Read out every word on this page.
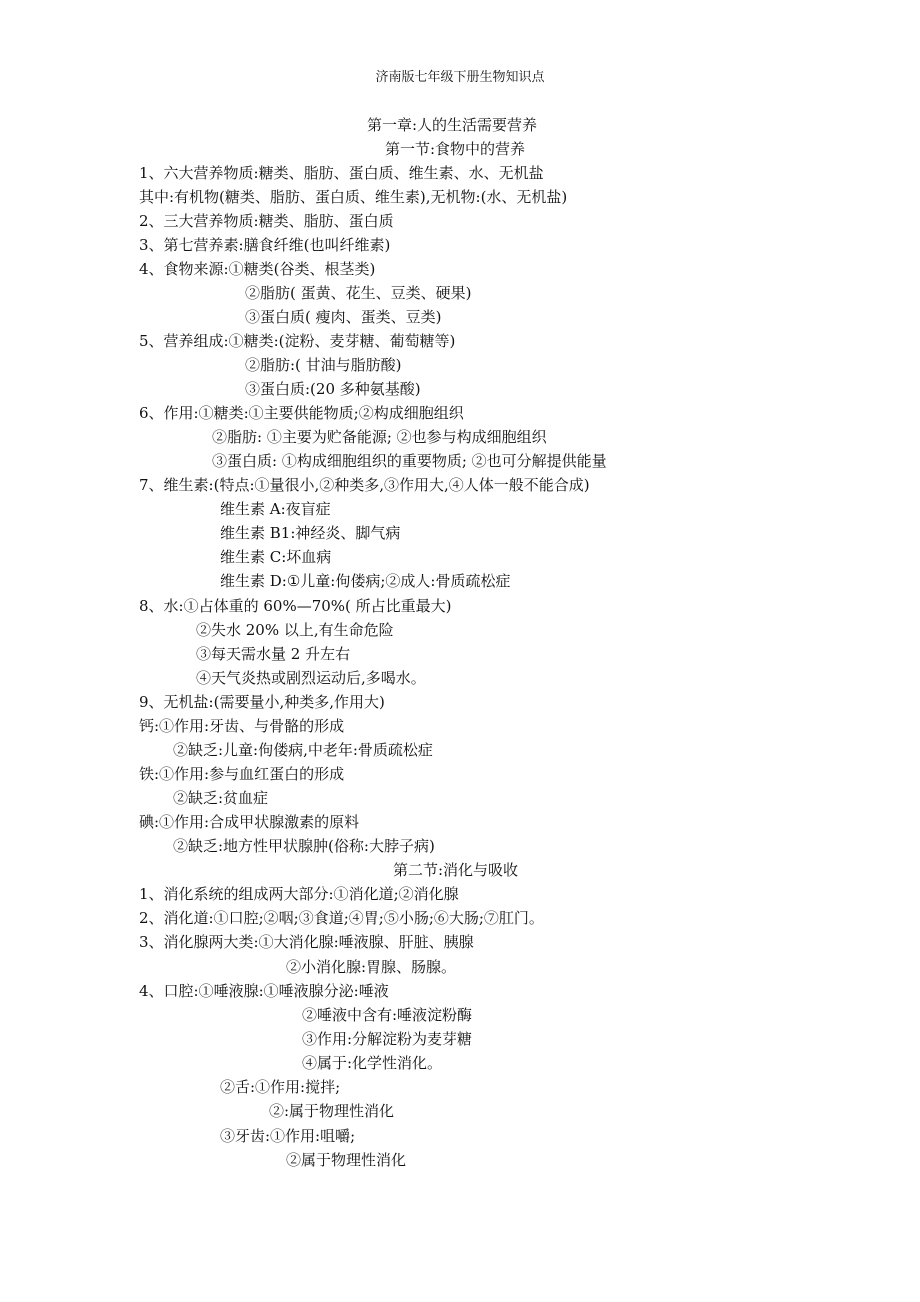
济南版七年级下册生物知识点
第一章:人的生活需要营养
第一节:食物中的营养
1、六大营养物质:糖类、脂肪、蛋白质、维生素、水、无机盐
其中:有机物(糖类、脂肪、蛋白质、维生素),无机物:(水、无机盐)
2、三大营养物质:糖类、脂肪、蛋白质
3、第七营养素:膳食纤维(也叫纤维素)
4、食物来源:①糖类(谷类、根茎类)
②脂肪( 蛋黄、花生、豆类、硬果)
③蛋白质( 瘦肉、蛋类、豆类)
5、营养组成:①糖类:(淀粉、麦芽糖、葡萄糖等)
②脂肪:( 甘油与脂肪酸)
③蛋白质:(20 多种氨基酸)
6、作用:①糖类:①主要供能物质;②构成细胞组织
②脂肪: ①主要为贮备能源; ②也参与构成细胞组织
③蛋白质: ①构成细胞组织的重要物质; ②也可分解提供能量
7、维生素:(特点:①量很小,②种类多,③作用大,④人体一般不能合成)
维生素 A:夜盲症
维生素 B1:神经炎、脚气病
维生素 C:坏血病
维生素 D:①儿童:佝偻病;②成人:骨质疏松症
8、水:①占体重的 60%—70%( 所占比重最大)
②失水 20% 以上,有生命危险
③每天需水量 2 升左右
④天气炎热或剧烈运动后,多喝水。
9、无机盐:(需要量小,种类多,作用大)
钙:①作用:牙齿、与骨骼的形成
②缺乏:儿童:佝偻病,中老年:骨质疏松症
铁:①作用:参与血红蛋白的形成
②缺乏:贫血症
碘:①作用:合成甲状腺激素的原料
②缺乏:地方性甲状腺肿(俗称:大脖子病)
第二节:消化与吸收
1、消化系统的组成两大部分:①消化道;②消化腺
2、消化道:①口腔;②咽;③食道;④胃;⑤小肠;⑥大肠;⑦肛门。
3、消化腺两大类:①大消化腺:唾液腺、肝脏、胰腺
②小消化腺:胃腺、肠腺。
4、口腔:①唾液腺:①唾液腺分泌:唾液
②唾液中含有:唾液淀粉酶
③作用:分解淀粉为麦芽糖
④属于:化学性消化。
②舌:①作用:搅拌;
②:属于物理性消化
③牙齿:①作用:咀嚼;
②属于物理性消化
